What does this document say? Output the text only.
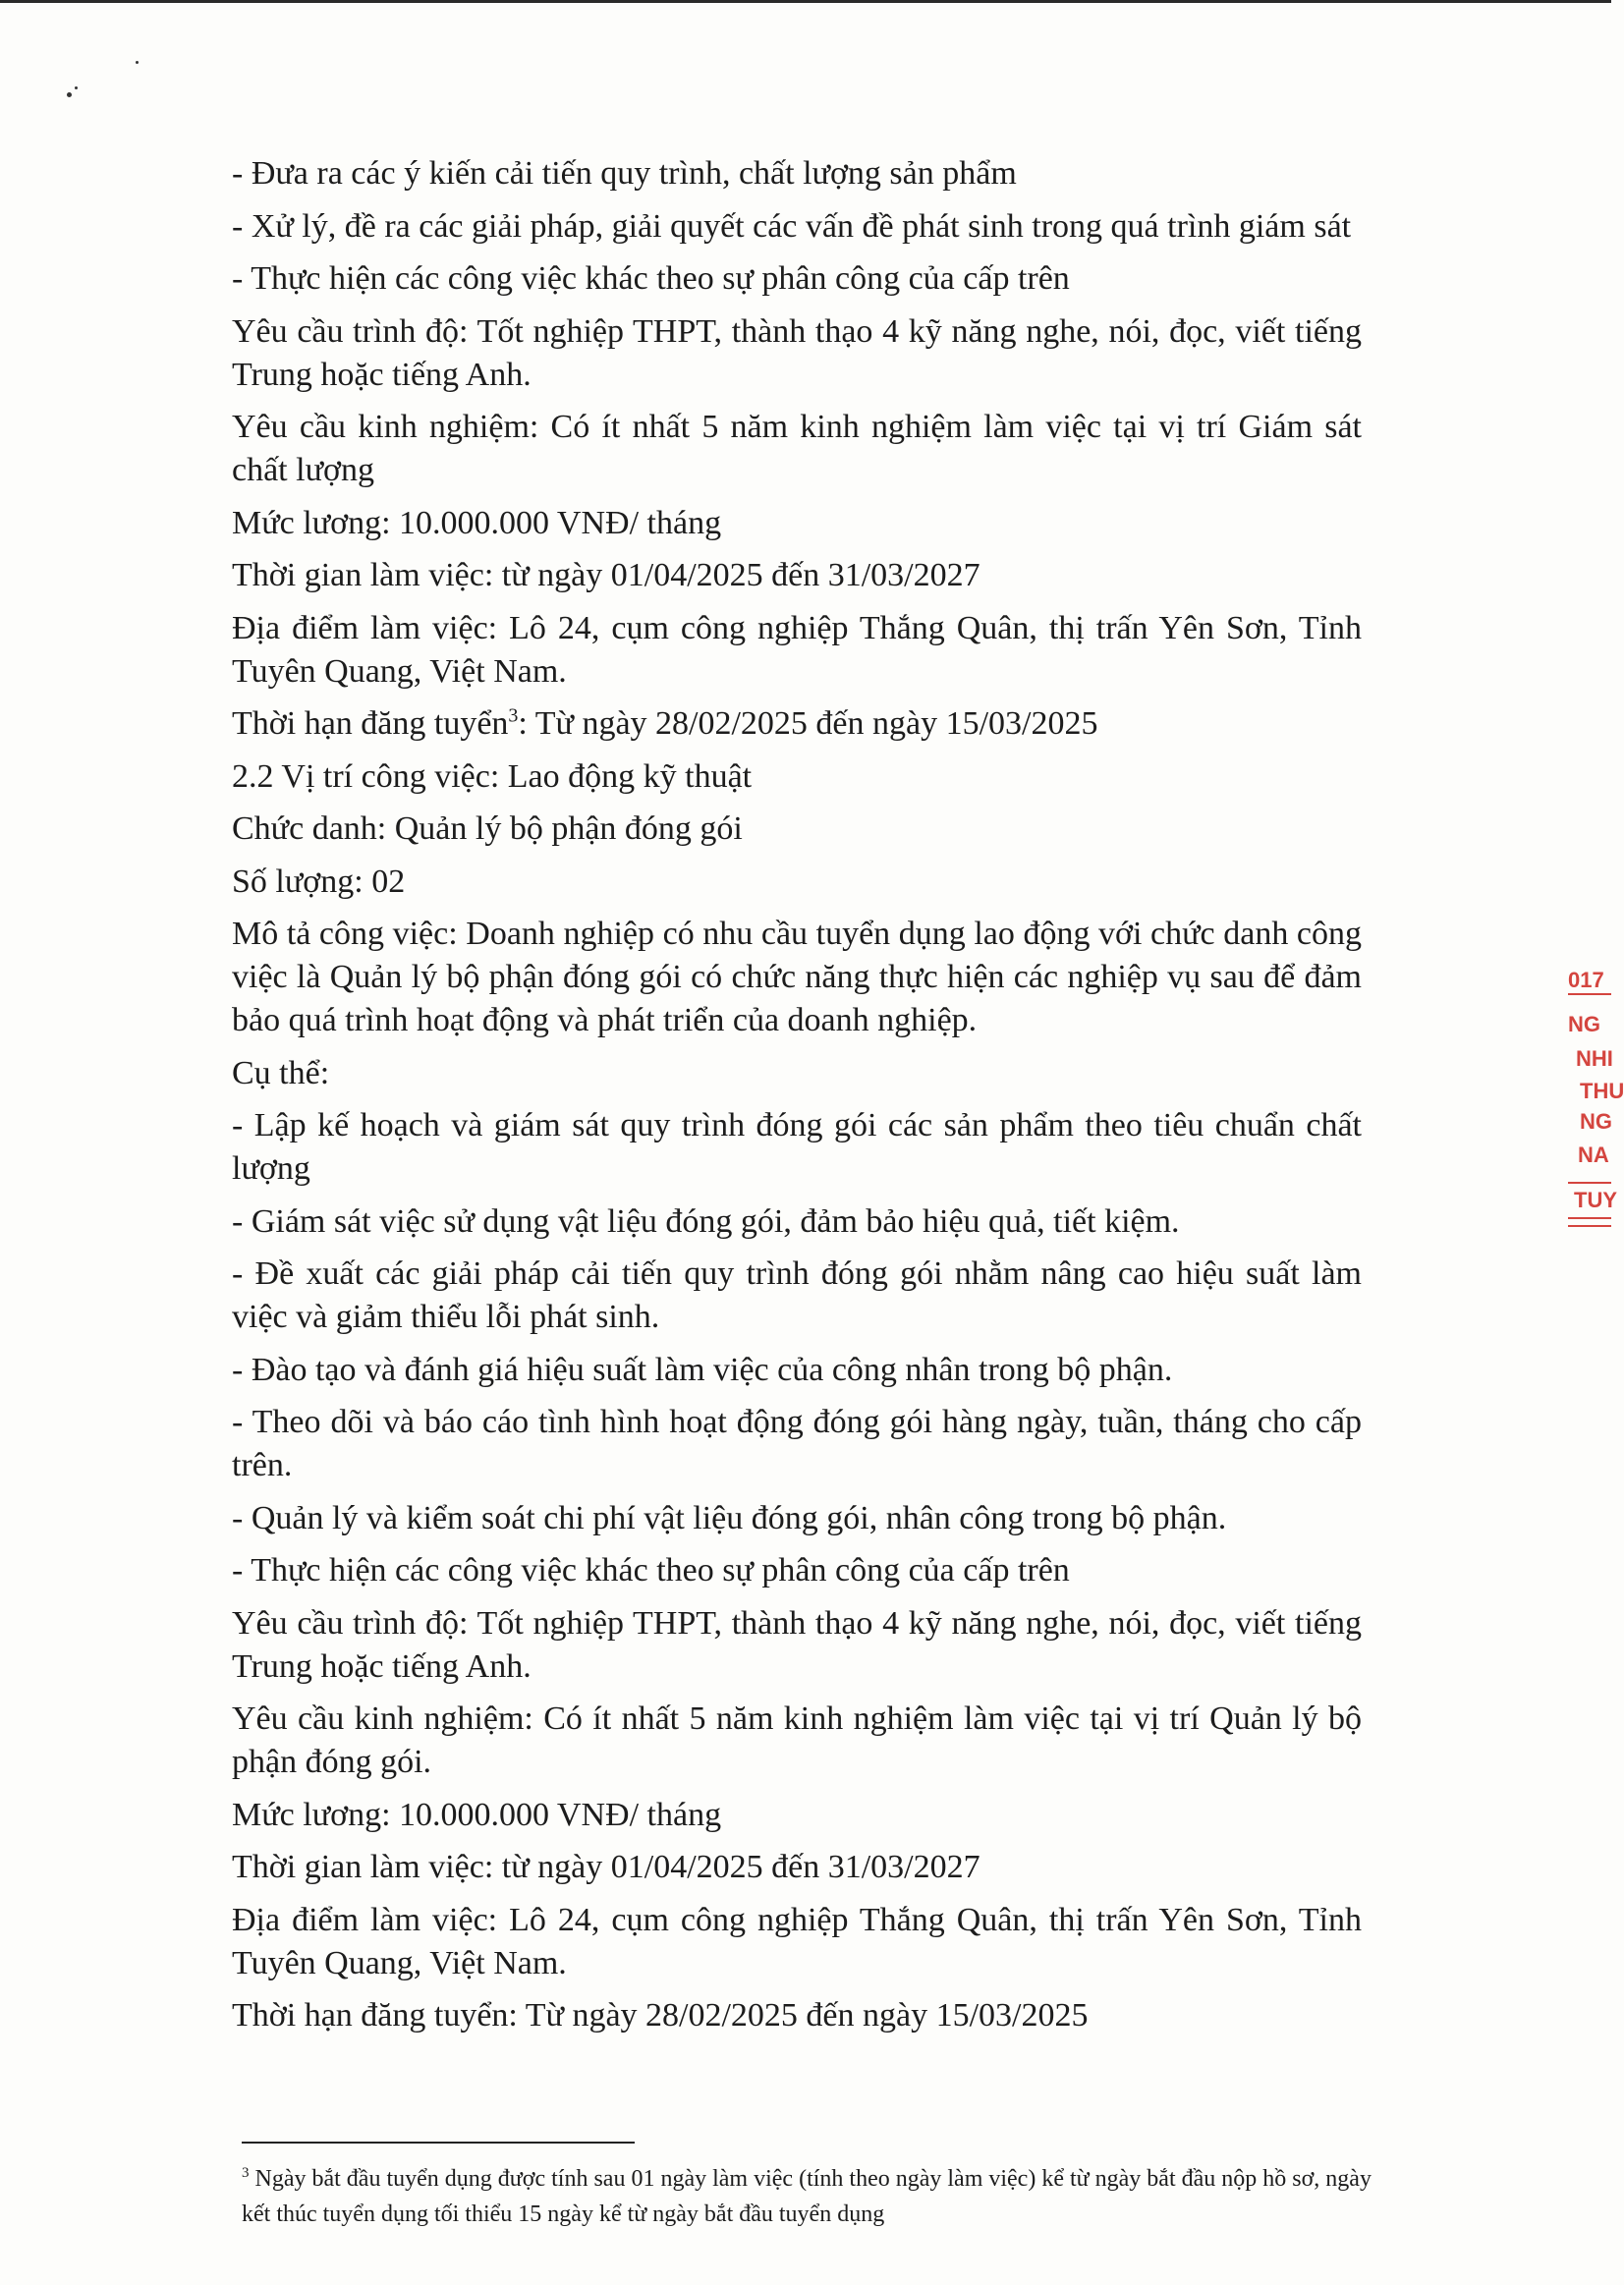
- Đưa ra các ý kiến cải tiến quy trình, chất lượng sản phẩm

- Xử lý, đề ra các giải pháp, giải quyết các vấn đề phát sinh trong quá trình giám sát

- Thực hiện các công việc khác theo sự phân công của cấp trên

Yêu cầu trình độ: Tốt nghiệp THPT, thành thạo 4 kỹ năng nghe, nói, đọc, viết tiếng Trung hoặc tiếng Anh.

Yêu cầu kinh nghiệm: Có ít nhất 5 năm kinh nghiệm làm việc tại vị trí Giám sát chất lượng

Mức lương: 10.000.000 VNĐ/ tháng

Thời gian làm việc: từ ngày 01/04/2025 đến 31/03/2027

Địa điểm làm việc: Lô 24, cụm công nghiệp Thắng Quân, thị trấn Yên Sơn, Tỉnh Tuyên Quang, Việt Nam.

Thời hạn đăng tuyển$^3$: Từ ngày 28/02/2025 đến ngày 15/03/2025

2.2 Vị trí công việc: Lao động kỹ thuật

Chức danh: Quản lý bộ phận đóng gói

Số lượng: 02

Mô tả công việc: Doanh nghiệp có nhu cầu tuyển dụng lao động với chức danh công việc là Quản lý bộ phận đóng gói có chức năng thực hiện các nghiệp vụ sau để đảm bảo quá trình hoạt động và phát triển của doanh nghiệp.

Cụ thể:

- Lập kế hoạch và giám sát quy trình đóng gói các sản phẩm theo tiêu chuẩn chất lượng

- Giám sát việc sử dụng vật liệu đóng gói, đảm bảo hiệu quả, tiết kiệm.

- Đề xuất các giải pháp cải tiến quy trình đóng gói nhằm nâng cao hiệu suất làm việc và giảm thiểu lỗi phát sinh.

- Đào tạo và đánh giá hiệu suất làm việc của công nhân trong bộ phận.

- Theo dõi và báo cáo tình hình hoạt động đóng gói hàng ngày, tuần, tháng cho cấp trên.

- Quản lý và kiểm soát chi phí vật liệu đóng gói, nhân công trong bộ phận.

- Thực hiện các công việc khác theo sự phân công của cấp trên

Yêu cầu trình độ: Tốt nghiệp THPT, thành thạo 4 kỹ năng nghe, nói, đọc, viết tiếng Trung hoặc tiếng Anh.

Yêu cầu kinh nghiệm: Có ít nhất 5 năm kinh nghiệm làm việc tại vị trí Quản lý bộ phận đóng gói.

Mức lương: 10.000.000 VNĐ/ tháng

Thời gian làm việc: từ ngày 01/04/2025 đến 31/03/2027

Địa điểm làm việc: Lô 24, cụm công nghiệp Thắng Quân, thị trấn Yên Sơn, Tỉnh Tuyên Quang, Việt Nam.

Thời hạn đăng tuyển: Từ ngày 28/02/2025 đến ngày 15/03/2025

$^3$ Ngày bắt đầu tuyển dụng được tính sau 01 ngày làm việc (tính theo ngày làm việc) kể từ ngày bắt đầu nộp hồ sơ, ngày kết thúc tuyển dụng tối thiểu 15 ngày kể từ ngày bắt đầu tuyển dụng
017
NG
NHI
THU
NG
NA
TUY
